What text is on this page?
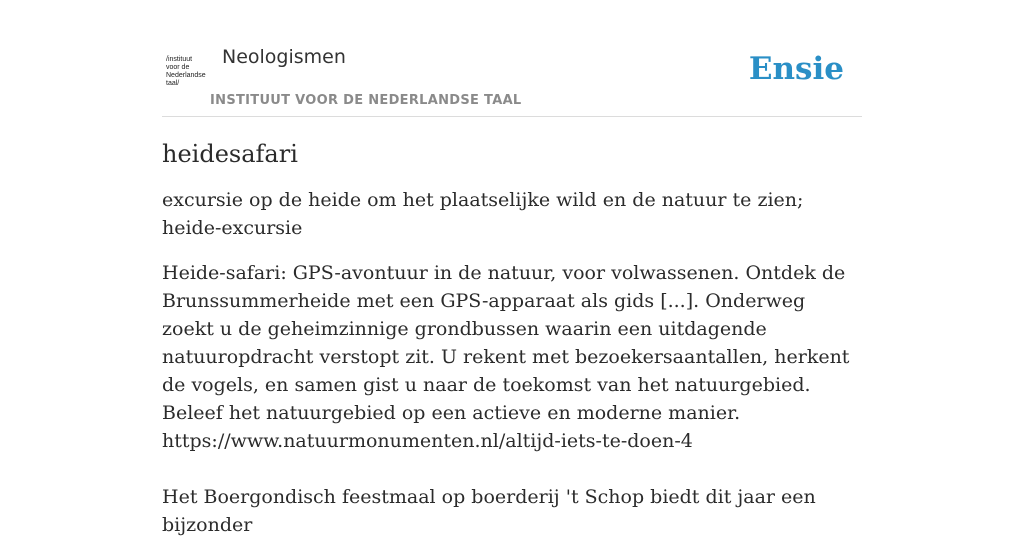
/instituut
voor de
Nederlandse
taal/
Neologismen
INSTITUUT VOOR DE NEDERLANDSE TAAL
Ensie
heidesafari

excursie op de heide om het plaatselijke wild en de natuur te zien; heide-excursie

Heide-safari: GPS-avontuur in de natuur, voor volwassenen. Ontdek de Brunssummerheide met een GPS-apparaat als gids [...]. Onderweg zoekt u de geheimzinnige grondbussen waarin een uitdagende natuuropdracht verstopt zit. U rekent met bezoekersaantallen, herkent de vogels, en samen gist u naar de toekomst van het natuurgebied. Beleef het natuurgebied op een actieve en moderne manier.

https://www.natuurmonumenten.nl/altijd-iets-te-doen-4

Het Boergondisch feestmaal op boerderij 't Schop biedt dit jaar een bijzonder
